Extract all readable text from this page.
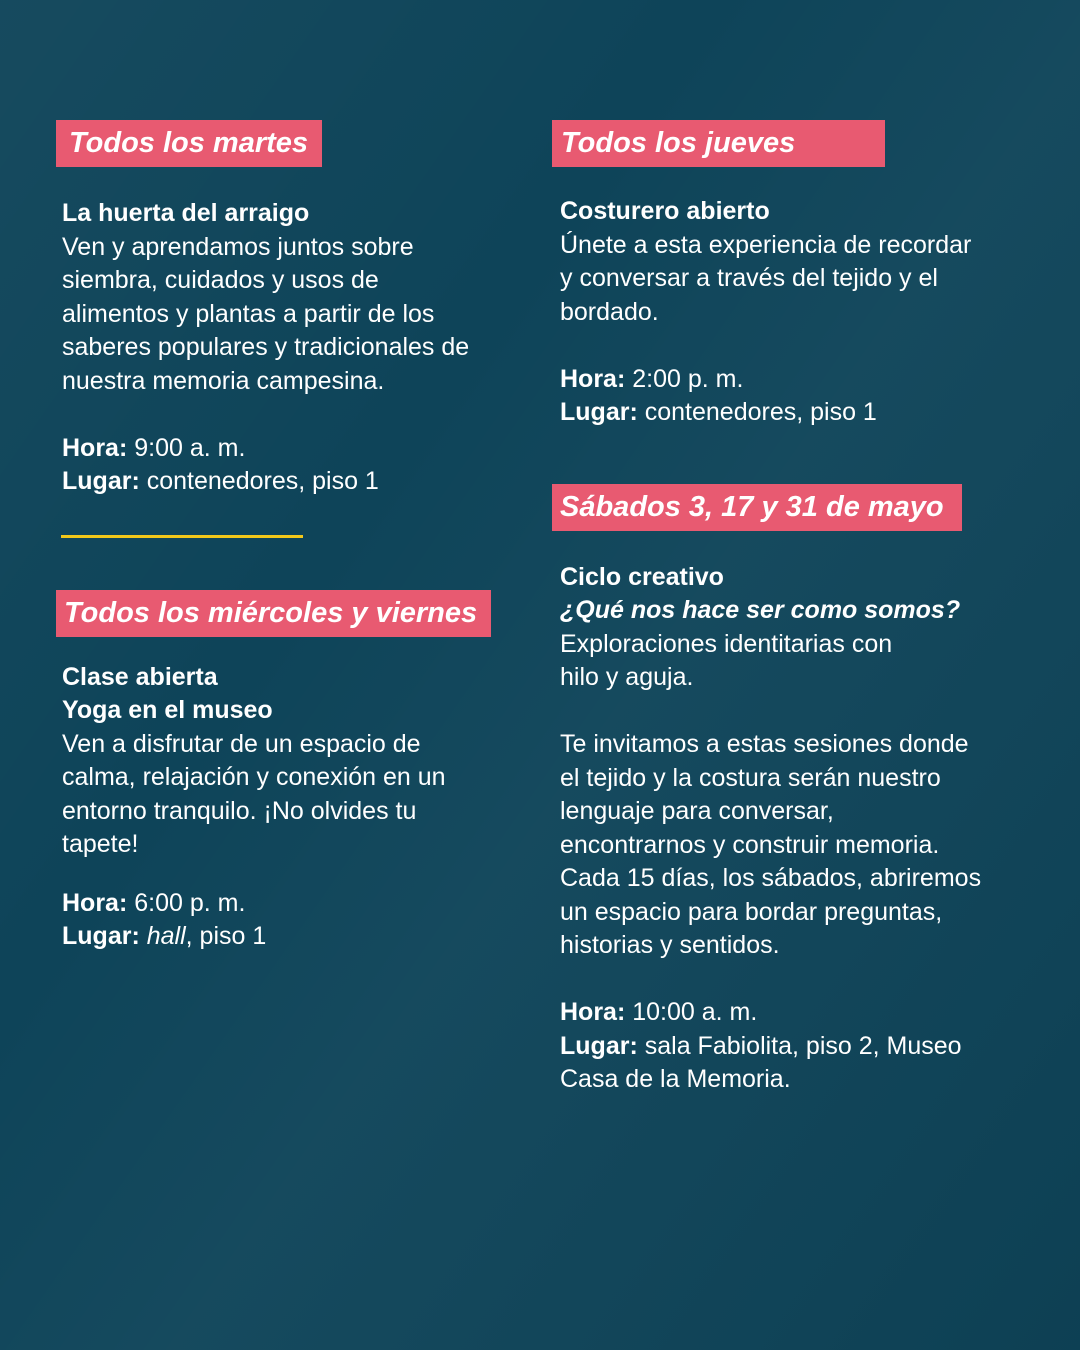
Todos los martes

La huerta del arraigo

Ven y aprendamos juntos sobre

siembra, cuidados y usos de

alimentos y plantas a partir de los

saberes populares y tradicionales de

nuestra memoria campesina.

Hora: 9:00 a. m.

Lugar: contenedores, piso 1

Todos los miércoles y viernes

Clase abierta

Yoga en el museo

Ven a disfrutar de un espacio de

calma, relajación y conexión en un

entorno tranquilo. ¡No olvides tu

tapete!

Hora: 6:00 p. m.

Lugar: hall, piso 1

Todos los jueves

Costurero abierto

Únete a esta experiencia de recordar

y conversar a través del tejido y el

bordado.

Hora: 2:00 p. m.

Lugar: contenedores, piso 1

Sábados 3, 17 y 31 de mayo

Ciclo creativo

¿Qué nos hace ser como somos?

Exploraciones identitarias con

hilo y aguja.

Te invitamos a estas sesiones donde

el tejido y la costura serán nuestro

lenguaje para conversar,

encontrarnos y construir memoria.

Cada 15 días, los sábados, abriremos

un espacio para bordar preguntas,

historias y sentidos.

Hora: 10:00 a. m.

Lugar: sala Fabiolita, piso 2, Museo

Casa de la Memoria.
